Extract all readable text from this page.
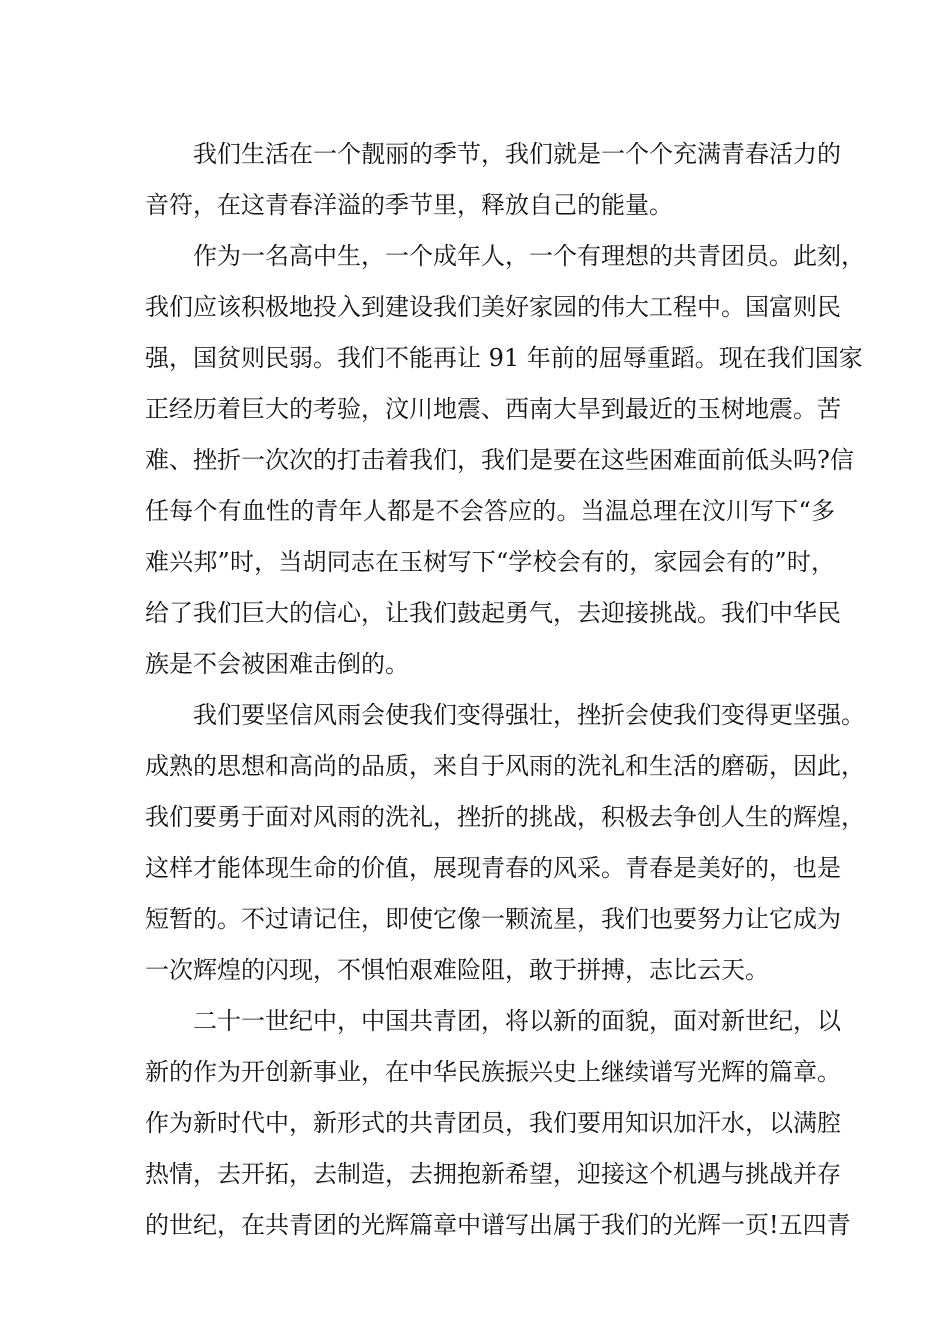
我们生活在一个靓丽的季节，我们就是一个个充满青春活力的
音符，在这青春洋溢的季节里，释放自己的能量。
作为一名高中生，一个成年人，一个有理想的共青团员。此刻，
我们应该积极地投入到建设我们美好家园的伟大工程中。国富则民
强，国贫则民弱。我们不能再让 91 年前的屈辱重蹈。现在我们国家
正经历着巨大的考验，汶川地震、西南大旱到最近的玉树地震。苦
难、挫折一次次的打击着我们，我们是要在这些困难面前低头吗?信
任每个有血性的青年人都是不会答应的。当温总理在汶川写下“多
难兴邦”时，当胡同志在玉树写下“学校会有的，家园会有的”时，
给了我们巨大的信心，让我们鼓起勇气，去迎接挑战。我们中华民
族是不会被困难击倒的。
我们要坚信风雨会使我们变得强壮，挫折会使我们变得更坚强。
成熟的思想和高尚的品质，来自于风雨的洗礼和生活的磨砺，因此，
我们要勇于面对风雨的洗礼，挫折的挑战，积极去争创人生的辉煌，
这样才能体现生命的价值，展现青春的风采。青春是美好的，也是
短暂的。不过请记住，即使它像一颗流星，我们也要努力让它成为
一次辉煌的闪现，不惧怕艰难险阻，敢于拼搏，志比云天。
二十一世纪中，中国共青团，将以新的面貌，面对新世纪，以
新的作为开创新事业，在中华民族振兴史上继续谱写光辉的篇章。
作为新时代中，新形式的共青团员，我们要用知识加汗水，以满腔
热情，去开拓，去制造，去拥抱新希望，迎接这个机遇与挑战并存
的世纪，在共青团的光辉篇章中谱写出属于我们的光辉一页!五四青
